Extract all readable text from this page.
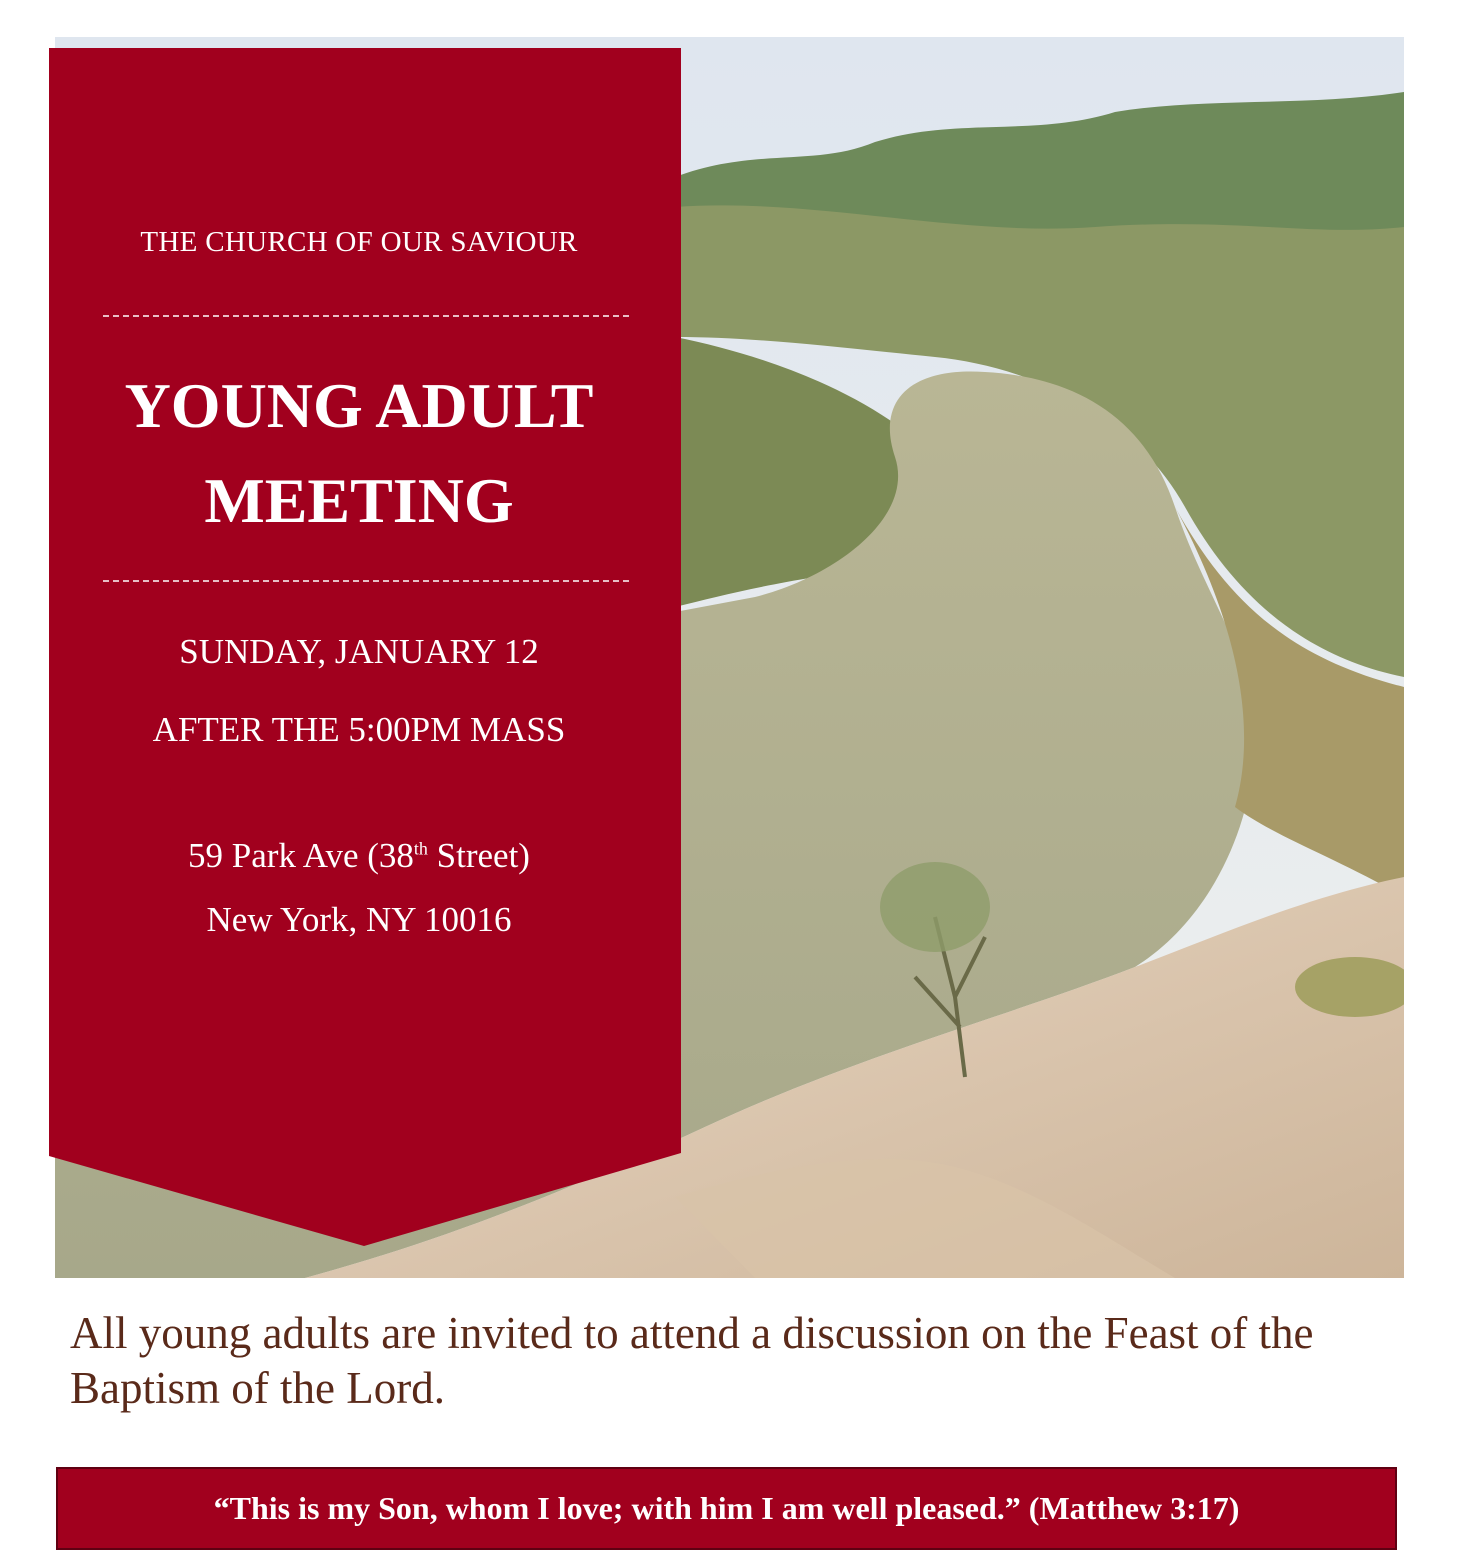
THE CHURCH OF OUR SAVIOUR
YOUNG ADULT
MEETING
SUNDAY, JANUARY 12
AFTER THE 5:00PM MASS
59 Park Ave (38th Street)
New York, NY 10016
All young adults are invited to attend a discussion on the Feast of the Baptism of the Lord.
“This is my Son, whom I love; with him I am well pleased.” (Matthew 3:17)
